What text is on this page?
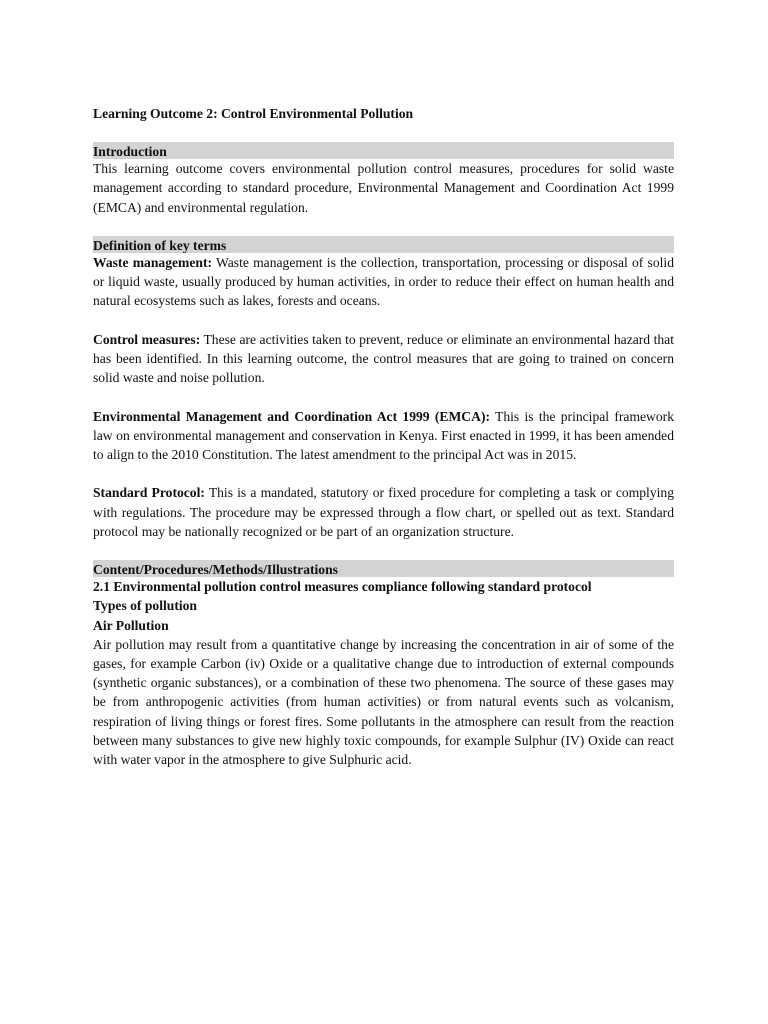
Learning Outcome 2: Control Environmental Pollution

Introduction

This learning outcome covers environmental pollution control measures, procedures for solid waste management according to standard procedure, Environmental Management and Coordination Act 1999 (EMCA) and environmental regulation.

Definition of key terms

Waste management: Waste management is the collection, transportation, processing or disposal of solid or liquid waste, usually produced by human activities, in order to reduce their effect on human health and natural ecosystems such as lakes, forests and oceans.

Control measures: These are activities taken to prevent, reduce or eliminate an environmental hazard that has been identified. In this learning outcome, the control measures that are going to trained on concern solid waste and noise pollution.

Environmental Management and Coordination Act 1999 (EMCA): This is the principal framework law on environmental management and conservation in Kenya. First enacted in 1999, it has been amended to align to the 2010 Constitution. The latest amendment to the principal Act was in 2015.

Standard Protocol: This is a mandated, statutory or fixed procedure for completing a task or complying with regulations. The procedure may be expressed through a flow chart, or spelled out as text. Standard protocol may be nationally recognized or be part of an organization structure.

Content/Procedures/Methods/Illustrations

2.1 Environmental pollution control measures compliance following standard protocol

Types of pollution

Air Pollution

Air pollution may result from a quantitative change by increasing the concentration in air of some of the gases, for example Carbon (iv) Oxide or a qualitative change due to introduction of external compounds (synthetic organic substances), or a combination of these two phenomena. The source of these gases may be from anthropogenic activities (from human activities) or from natural events such as volcanism, respiration of living things or forest fires. Some pollutants in the atmosphere can result from the reaction between many substances to give new highly toxic compounds, for example Sulphur (IV) Oxide can react with water vapor in the atmosphere to give Sulphuric acid.
